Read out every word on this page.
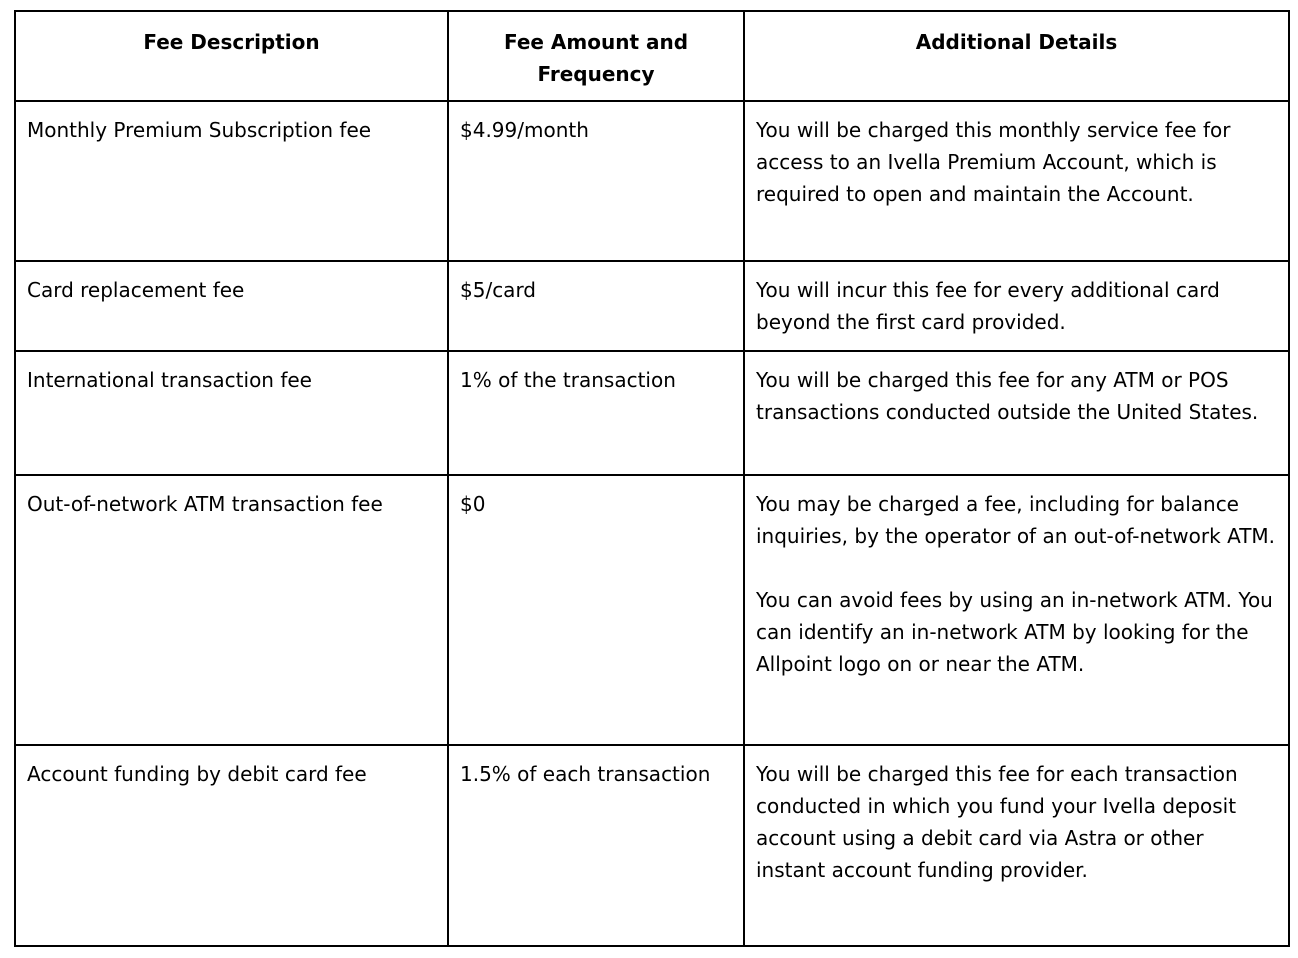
Fee Description	Fee Amount and Frequency	Additional Details
Monthly Premium Subscription fee	$4.99/month	You will be charged this monthly service fee for access to an Ivella Premium Account, which is required to open and maintain the Account.

Card replacement fee	$5/card	You will incur this fee for every additional card beyond the first card provided.

International transaction fee	1% of the transaction	You will be charged this fee for any ATM or POS transactions conducted outside the United States.

Out-of-network ATM transaction fee	$0	You may be charged a fee, including for balance inquiries, by the operator of an out-of-network ATM.
You can avoid fees by using an in-network ATM. You can identify an in-network ATM by looking for the Allpoint logo on or near the ATM.

Account funding by debit card fee	1.5% of each transaction	You will be charged this fee for each transaction conducted in which you fund your Ivella deposit account using a debit card via Astra or other instant account funding provider.
